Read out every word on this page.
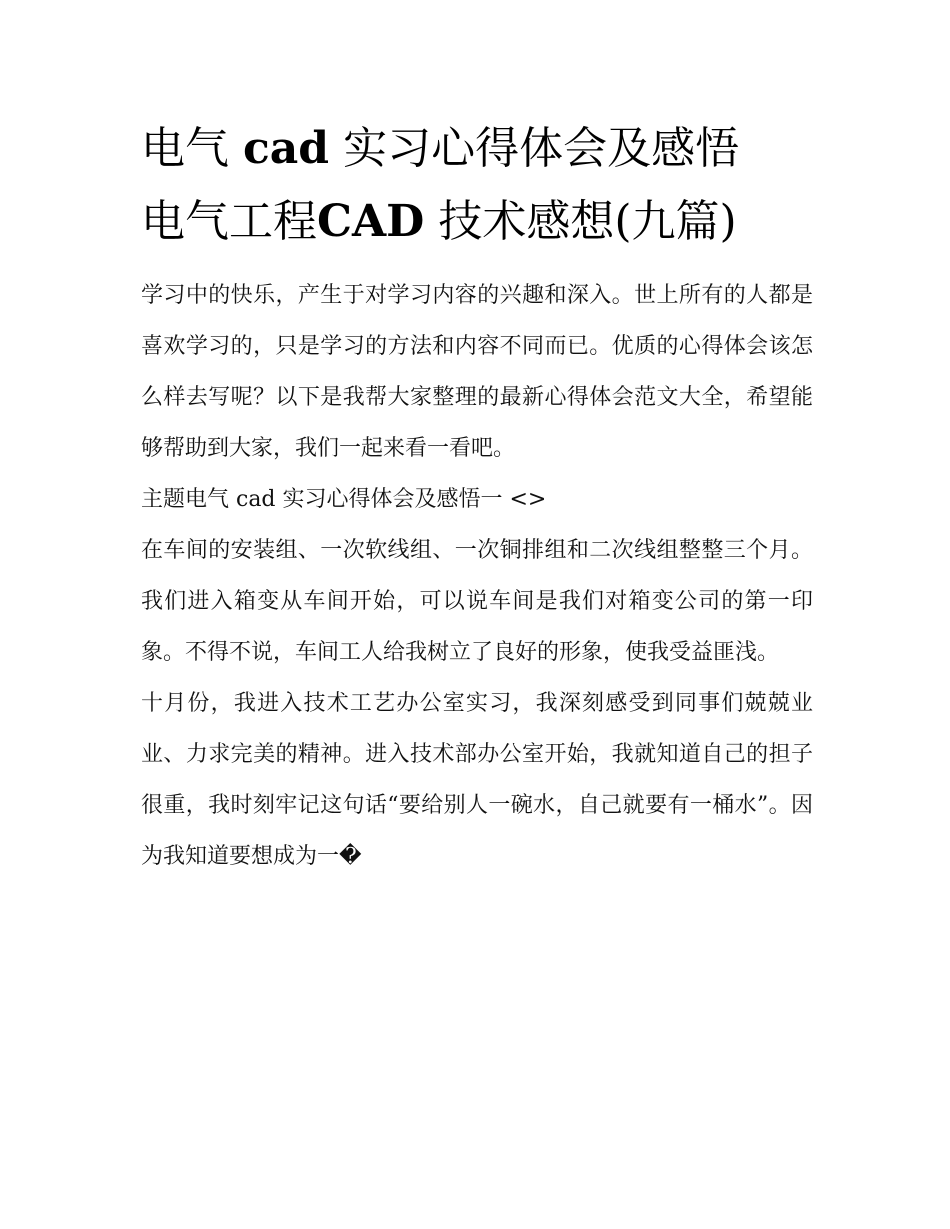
电气 cad 实习心得体会及感悟
电气工程CAD 技术感想(九篇)

学习中的快乐，产生于对学习内容的兴趣和深入。世上所有的人都是喜欢学习的，只是学习的方法和内容不同而已。优质的心得体会该怎么样去写呢？以下是我帮大家整理的最新心得体会范文大全，希望能够帮助到大家，我们一起来看一看吧。

主题电气 cad 实习心得体会及感悟一 <>

在车间的安装组、一次软线组、一次铜排组和二次线组整整三个月。我们进入箱变从车间开始，可以说车间是我们对箱变公司的第一印象。不得不说，车间工人给我树立了良好的形象，使我受益匪浅。

十月份，我进入技术工艺办公室实习，我深刻感受到同事们兢兢业业、力求完美的精神。进入技术部办公室开始，我就知道自己的担子很重，我时刻牢记这句话“要给别人一碗水，自己就要有一桶水”。因为我知道要想成为一�
